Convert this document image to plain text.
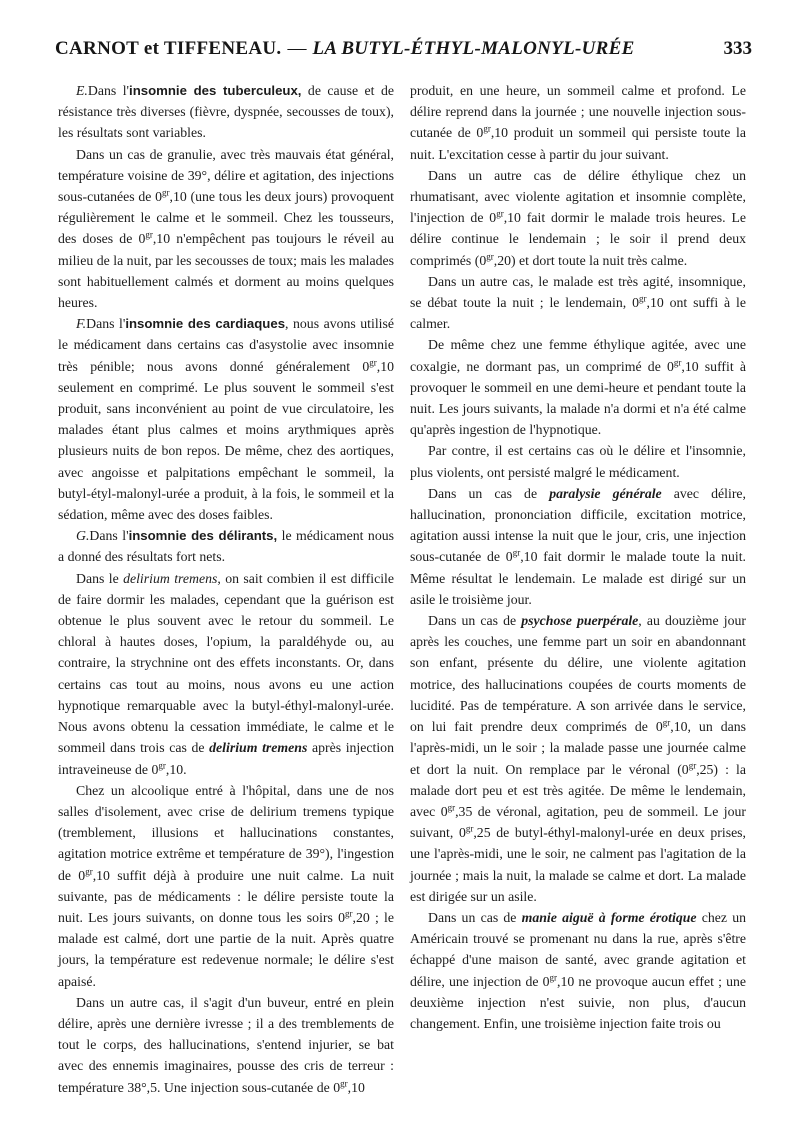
CARNOT et TIFFENEAU. — LA BUTYL-ÉTHYL-MALONYL-URÉE	333

E.Dans l'insomnie des tuberculeux, de cause et de résistance très diverses (fièvre, dyspnée, secousses de toux), les résultats sont variables.

Dans un cas de granulie, avec très mauvais état général, température voisine de 39°, délire et agitation, des injections sous-cutanées de $0^{gr},10$ (une tous les deux jours) provoquent régulièrement le calme et le sommeil. Chez les tousseurs, des doses de $0^{gr},10$ n'empêchent pas toujours le réveil au milieu de la nuit, par les secousses de toux; mais les malades sont habituellement calmés et dorment au moins quelques heures.

F.Dans l'insomnie des cardiaques, nous avons utilisé le médicament dans certains cas d'asystolie avec insomnie très pénible; nous avons donné généralement $0^{gr},10$ seulement en comprimé. Le plus souvent le sommeil s'est produit, sans inconvénient au point de vue circulatoire, les malades étant plus calmes et moins arythmiques après plusieurs nuits de bon repos. De même, chez des aortiques, avec angoisse et palpitations empêchant le sommeil, la butyl-étyl-malonyl-urée a produit, à la fois, le sommeil et la sédation, même avec des doses faibles.

G.Dans l'insomnie des délirants, le médicament nous a donné des résultats fort nets.

Dans le delirium tremens, on sait combien il est difficile de faire dormir les malades, cependant que la guérison est obtenue le plus souvent avec le retour du sommeil. Le chloral à hautes doses, l'opium, la paraldéhyde ou, au contraire, la strychnine ont des effets inconstants. Or, dans certains cas tout au moins, nous avons eu une action hypnotique remarquable avec la butyl-éthyl-malonyl-urée. Nous avons obtenu la cessation immédiate, le calme et le sommeil dans trois cas de delirium tremens après injection intraveineuse de $0^{gr},10$.

Chez un alcoolique entré à l'hôpital, dans une de nos salles d'isolement, avec crise de delirium tremens typique (tremblement, illusions et hallucinations constantes, agitation motrice extrême et température de 39°), l'ingestion de $0^{gr},10$ suffit déjà à produire une nuit calme. La nuit suivante, pas de médicaments : le délire persiste toute la nuit. Les jours suivants, on donne tous les soirs $0^{gr},20$ ; le malade est calmé, dort une partie de la nuit. Après quatre jours, la température est redevenue normale; le délire s'est apaisé.

Dans un autre cas, il s'agit d'un buveur, entré en plein délire, après une dernière ivresse ; il a des tremblements de tout le corps, des hallucinations, s'entend injurier, se bat avec des ennemis imaginaires, pousse des cris de terreur : température 38°,5. Une injection sous-cutanée de $0^{gr},10$

produit, en une heure, un sommeil calme et profond. Le délire reprend dans la journée ; une nouvelle injection sous-cutanée de $0^{gr},10$ produit un sommeil qui persiste toute la nuit. L'excitation cesse à partir du jour suivant.

Dans un autre cas de délire éthylique chez un rhumatisant, avec violente agitation et insomnie complète, l'injection de $0^{gr},10$ fait dormir le malade trois heures. Le délire continue le lendemain ; le soir il prend deux comprimés $(0^{gr},20)$ et dort toute la nuit très calme.

Dans un autre cas, le malade est très agité, insomnique, se débat toute la nuit ; le lendemain, $0^{gr},10$ ont suffi à le calmer.

De même chez une femme éthylique agitée, avec une coxalgie, ne dormant pas, un comprimé de $0^{gr},10$ suffit à provoquer le sommeil en une demi-heure et pendant toute la nuit. Les jours suivants, la malade n'a dormi et n'a été calme qu'après ingestion de l'hypnotique.

Par contre, il est certains cas où le délire et l'insomnie, plus violents, ont persisté malgré le médicament.

Dans un cas de paralysie générale avec délire, hallucination, prononciation difficile, excitation motrice, agitation aussi intense la nuit que le jour, cris, une injection sous-cutanée de $0^{gr},10$ fait dormir le malade toute la nuit. Même résultat le lendemain. Le malade est dirigé sur un asile le troisième jour.

Dans un cas de psychose puerpérale, au douzième jour après les couches, une femme part un soir en abandonnant son enfant, présente du délire, une violente agitation motrice, des hallucinations coupées de courts moments de lucidité. Pas de température. A son arrivée dans le service, on lui fait prendre deux comprimés de $0^{gr},10$, un dans l'après-midi, un le soir ; la malade passe une journée calme et dort la nuit. On remplace par le véronal $(0^{gr},25)$ : la malade dort peu et est très agitée. De même le lendemain, avec $0^{gr},35$ de véronal, agitation, peu de sommeil. Le jour suivant, $0^{gr},25$ de butyl-éthyl-malonyl-urée en deux prises, une l'après-midi, une le soir, ne calment pas l'agitation de la journée ; mais la nuit, la malade se calme et dort. La malade est dirigée sur un asile.

Dans un cas de manie aiguë à forme érotique chez un Américain trouvé se promenant nu dans la rue, après s'être échappé d'une maison de santé, avec grande agitation et délire, une injection de $0^{gr},10$ ne provoque aucun effet ; une deuxième injection n'est suivie, non plus, d'aucun changement. Enfin, une troisième injection faite trois ou
